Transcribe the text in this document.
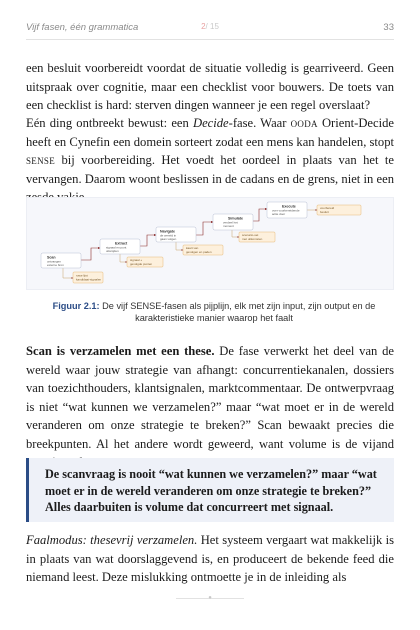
Vijf fasen, één grammatica	2/ 15	33

een besluit voorbereidt voordat de situatie volledig is gearriveerd. Geen uitspraak over cognitie, maar een checklist voor bouwers. De toets van een checklist is hard: sterven dingen wanneer je een regel overslaat?

Eén ding ontbreekt bewust: een Decide-fase. Waar ooda Orient-Decide heeft en Cynefin een domein sorteert zodat een mens kan handelen, stopt sense bij voorbereiding. Het voedt het oordeel in plaats van het te vervangen. Daarom woont beslissen in de cadans en de grens, niet in een

Scan
ontvangen
externe bron
Extract
signaal en punt
uitsnijden
Navigate
de wereld in
gaan volgen
Simulate
verdeel het
moment
Execute
voer voorbereidende
actie door
ruwe lijst
kandidaat-signalen
signaal +
gevolgde punten
kaart van
gevolgen en paden
scenario-set
met uitkomsten
voorbereid
besluit
Figuur 2.1: De vijf SENSE-fasen als pijplijn, elk met zijn input, zijn output en de karakteristieke manier waarop het faalt

Scan is verzamelen met een these. De fase verwerkt het deel van de wereld waar jouw strategie van afhangt: concurrentiekanalen, dossiers van toezichthouders, klantsignalen, marktcommentaar. De ontwerpvraag is niet “wat kunnen we verzamelen?” maar “wat moet er in de wereld veranderen om onze strategie te breken?” Scan bewaakt precies die breekpunten. Al het andere wordt geweerd, want volume is de vijand

De scanvraag is nooit “wat kunnen we verzamelen?” maar “wat moet er in de wereld veranderen om onze strategie te breken?” Alles daarbuiten is volume dat concurreert met signaal.

Faalmodus: thesevrij verzamelen. Het systeem vergaart wat makkelijk is in plaats van wat doorslaggevend is, en produceert de bekende feed die niemand leest. Deze mislukking ontmoette je in de inleiding als

●
